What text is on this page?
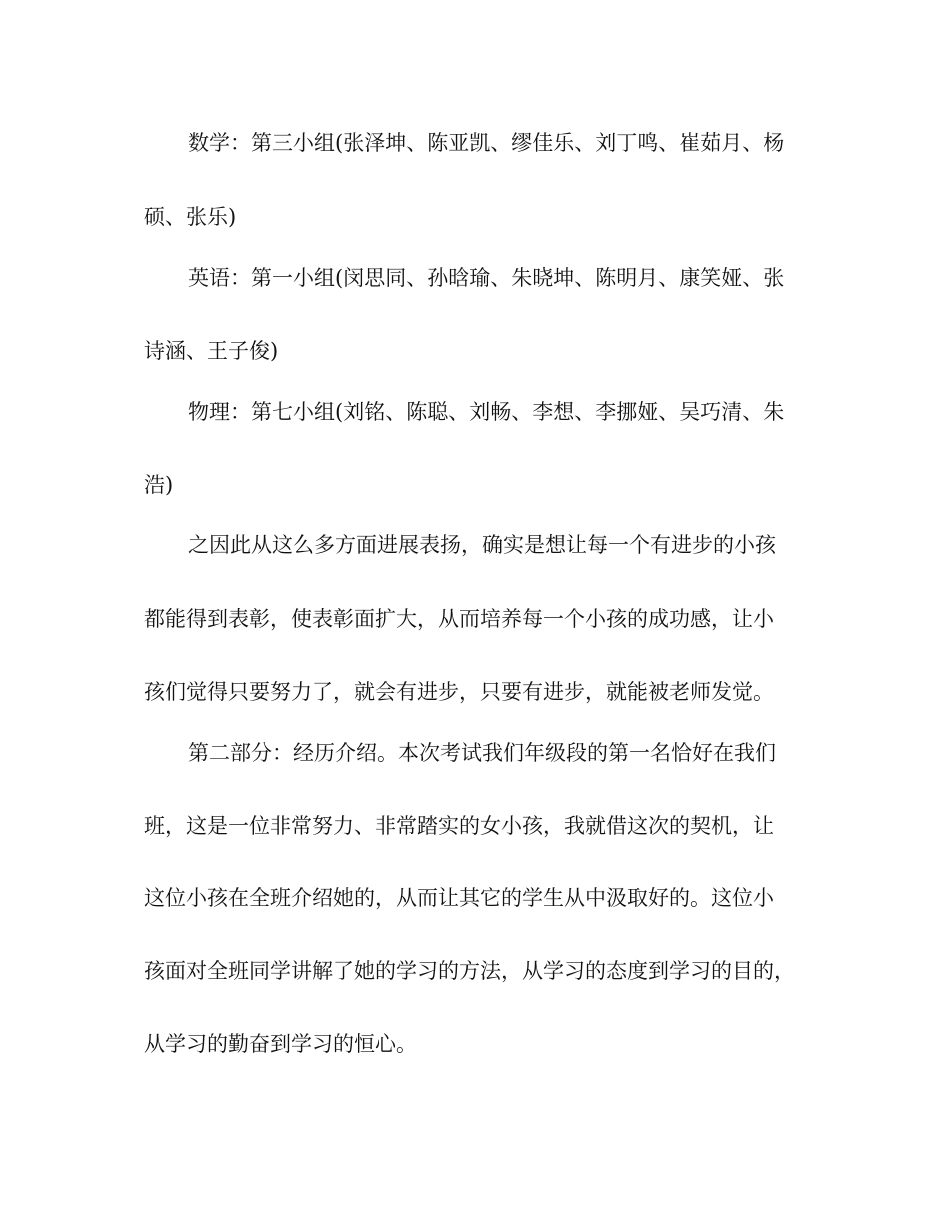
数学：第三小组(张泽坤、陈亚凯、缪佳乐、刘丁鸣、崔茹月、杨

硕、张乐)

英语：第一小组(闵思同、孙晗瑜、朱晓坤、陈明月、康笑娅、张

诗涵、王子俊)

物理：第七小组(刘铭、陈聪、刘畅、李想、李挪娅、吴巧清、朱

浩)

之因此从这么多方面进展表扬，确实是想让每一个有进步的小孩

都能得到表彰，使表彰面扩大，从而培养每一个小孩的成功感，让小

孩们觉得只要努力了，就会有进步，只要有进步，就能被老师发觉。

第二部分：经历介绍。本次考试我们年级段的第一名恰好在我们

班，这是一位非常努力、非常踏实的女小孩，我就借这次的契机，让

这位小孩在全班介绍她的，从而让其它的学生从中汲取好的。这位小

孩面对全班同学讲解了她的学习的方法，从学习的态度到学习的目的，

从学习的勤奋到学习的恒心。
